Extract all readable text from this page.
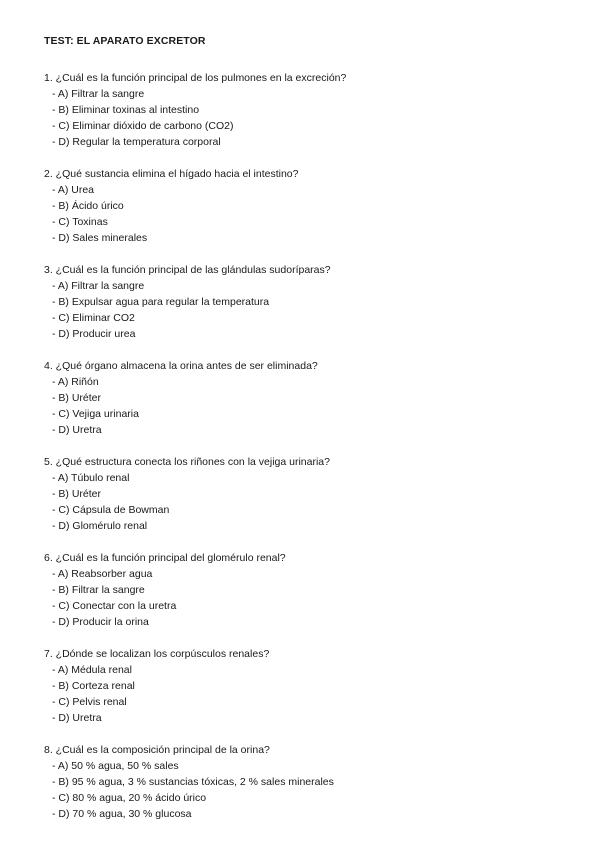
TEST: EL APARATO EXCRETOR

1. ¿Cuál es la función principal de los pulmones en la excreción?

- A) Filtrar la sangre

- B) Eliminar toxinas al intestino

- C) Eliminar dióxido de carbono (CO2)

- D) Regular la temperatura corporal

2. ¿Qué sustancia elimina el hígado hacia el intestino?

- A) Urea

- B) Ácido úrico

- C) Toxinas

- D) Sales minerales

3. ¿Cuál es la función principal de las glándulas sudoríparas?

- A) Filtrar la sangre

- B) Expulsar agua para regular la temperatura

- C) Eliminar CO2

- D) Producir urea

4. ¿Qué órgano almacena la orina antes de ser eliminada?

- A) Riñón

- B) Uréter

- C) Vejiga urinaria

- D) Uretra

5. ¿Qué estructura conecta los riñones con la vejiga urinaria?

- A) Túbulo renal

- B) Uréter

- C) Cápsula de Bowman

- D) Glomérulo renal

6. ¿Cuál es la función principal del glomérulo renal?

- A) Reabsorber agua

- B) Filtrar la sangre

- C) Conectar con la uretra

- D) Producir la orina

7. ¿Dónde se localizan los corpúsculos renales?

- A) Médula renal

- B) Corteza renal

- C) Pelvis renal

- D) Uretra

8. ¿Cuál es la composición principal de la orina?

- A) 50 % agua, 50 % sales

- B) 95 % agua, 3 % sustancias tóxicas, 2 % sales minerales

- C) 80 % agua, 20 % ácido úrico

- D) 70 % agua, 30 % glucosa
